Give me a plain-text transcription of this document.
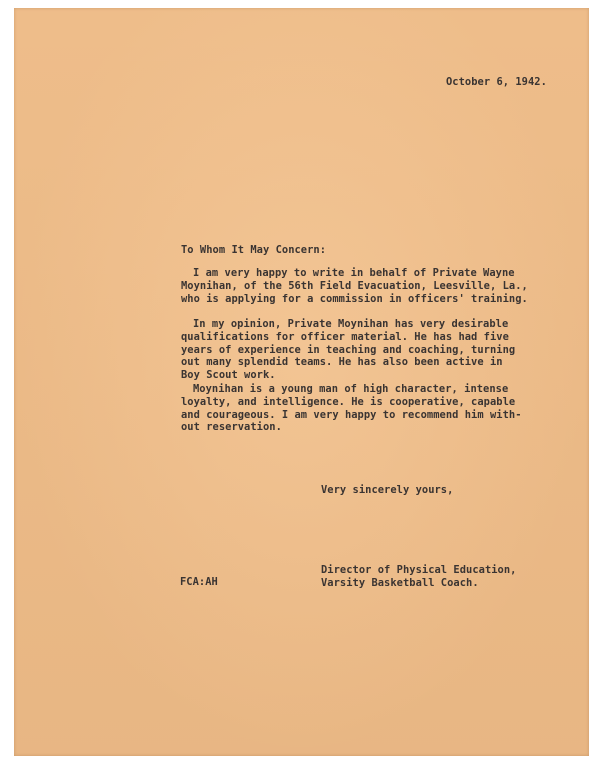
October 6, 1942.
To Whom It May Concern:
I am very happy to write in behalf of Private Wayne
Moynihan, of the 56th Field Evacuation, Leesville, La.,
who is applying for a commission in officers' training.
In my opinion, Private Moynihan has very desirable
qualifications for officer material. He has had five
years of experience in teaching and coaching, turning
out many splendid teams. He has also been active in
Boy Scout work.
Moynihan is a young man of high character, intense
loyalty, and intelligence. He is cooperative, capable
and courageous. I am very happy to recommend him with-
out reservation.
Very sincerely yours,
Director of Physical Education,
Varsity Basketball Coach.
FCA:AH
